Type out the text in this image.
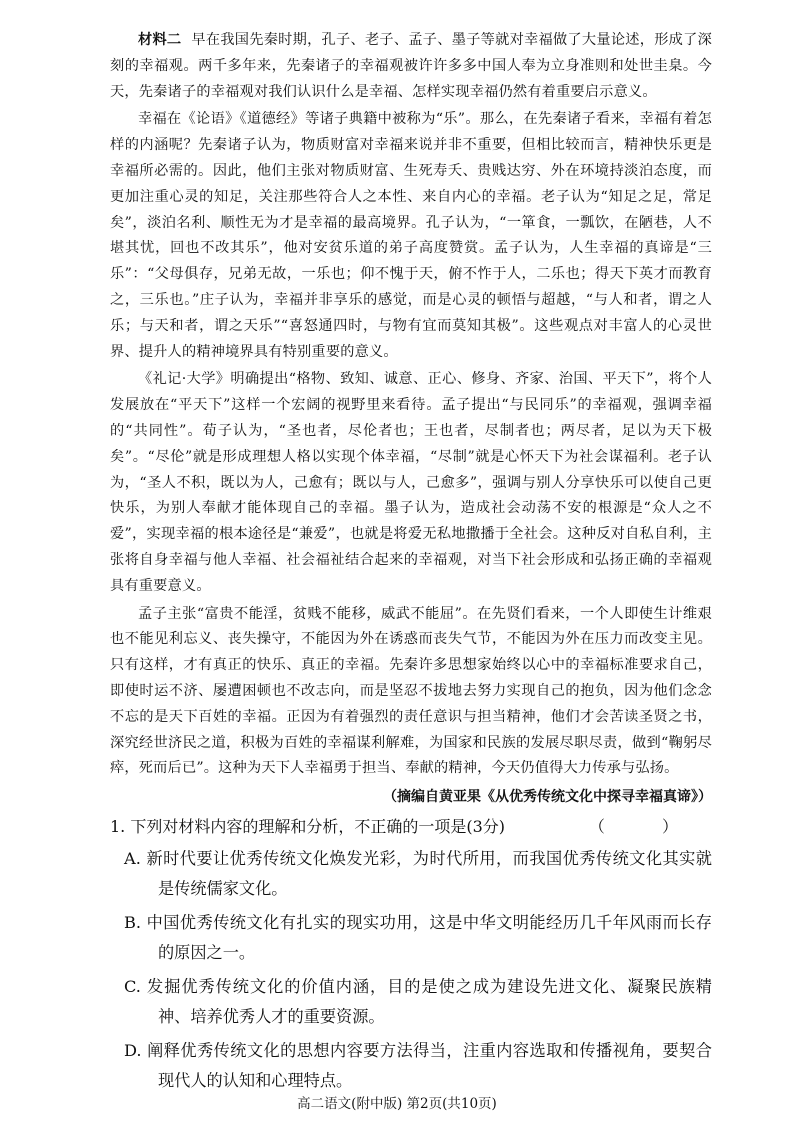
材料二 早在我国先秦时期，孔子、老子、孟子、墨子等就对幸福做了大量论述，形成了深刻的幸福观。两千多年来，先秦诸子的幸福观被许许多多中国人奉为立身准则和处世圭臬。今天，先秦诸子的幸福观对我们认识什么是幸福、怎样实现幸福仍然有着重要启示意义。

幸福在《论语》《道德经》等诸子典籍中被称为“乐”。那么，在先秦诸子看来，幸福有着怎样的内涵呢？先秦诸子认为，物质财富对幸福来说并非不重要，但相比较而言，精神快乐更是幸福所必需的。因此，他们主张对物质财富、生死寿夭、贵贱达穷、外在环境持淡泊态度，而更加注重心灵的知足，关注那些符合人之本性、来自内心的幸福。老子认为“知足之足，常足矣”，淡泊名利、顺性无为才是幸福的最高境界。孔子认为，“一箪食，一瓢饮，在陋巷，人不堪其忧，回也不改其乐”，他对安贫乐道的弟子高度赞赏。孟子认为，人生幸福的真谛是“三乐”：“父母俱存，兄弟无故，一乐也；仰不愧于天，俯不怍于人，二乐也；得天下英才而教育之，三乐也。”庄子认为，幸福并非享乐的感觉，而是心灵的顿悟与超越，“与人和者，谓之人乐；与天和者，谓之天乐”“喜怒通四时，与物有宜而莫知其极”。这些观点对丰富人的心灵世界、提升人的精神境界具有特别重要的意义。

《礼记·大学》明确提出“格物、致知、诚意、正心、修身、齐家、治国、平天下”，将个人发展放在“平天下”这样一个宏阔的视野里来看待。孟子提出“与民同乐”的幸福观，强调幸福的“共同性”。荀子认为，“圣也者，尽伦者也；王也者，尽制者也；两尽者，足以为天下极矣”。“尽伦”就是形成理想人格以实现个体幸福，“尽制”就是心怀天下为社会谋福利。老子认为，“圣人不积，既以为人，己愈有；既以与人，己愈多”，强调与别人分享快乐可以使自己更快乐，为别人奉献才能体现自己的幸福。墨子认为，造成社会动荡不安的根源是“众人之不爱”，实现幸福的根本途径是“兼爱”，也就是将爱无私地撒播于全社会。这种反对自私自利，主张将自身幸福与他人幸福、社会福祉结合起来的幸福观，对当下社会形成和弘扬正确的幸福观具有重要意义。

孟子主张“富贵不能淫，贫贱不能移，威武不能屈”。在先贤们看来，一个人即使生计维艰也不能见利忘义、丧失操守，不能因为外在诱惑而丧失气节，不能因为外在压力而改变主见。只有这样，才有真正的快乐、真正的幸福。先秦许多思想家始终以心中的幸福标准要求自己，即使时运不济、屡遭困顿也不改志向，而是坚忍不拔地去努力实现自己的抱负，因为他们念念不忘的是天下百姓的幸福。正因为有着强烈的责任意识与担当精神，他们才会苦读圣贤之书，深究经世济民之道，积极为百姓的幸福谋利解难，为国家和民族的发展尽职尽责，做到“鞠躬尽瘁，死而后已”。这种为天下人幸福勇于担当、奉献的精神，今天仍值得大力传承与弘扬。

（摘编自黄亚果《从优秀传统文化中探寻幸福真谛》）

1. 下列对材料内容的理解和分析，不正确的一项是(3分)	（ ）

A. 新时代要让优秀传统文化焕发光彩，为时代所用，而我国优秀传统文化其实就是传统儒家文化。

B. 中国优秀传统文化有扎实的现实功用，这是中华文明能经历几千年风雨而长存的原因之一。

C. 发掘优秀传统文化的价值内涵，目的是使之成为建设先进文化、凝聚民族精神、培养优秀人才的重要资源。

D. 阐释优秀传统文化的思想内容要方法得当，注重内容选取和传播视角，要契合现代人的认知和心理特点。

高二语文(附中版) 第2页(共10页)
